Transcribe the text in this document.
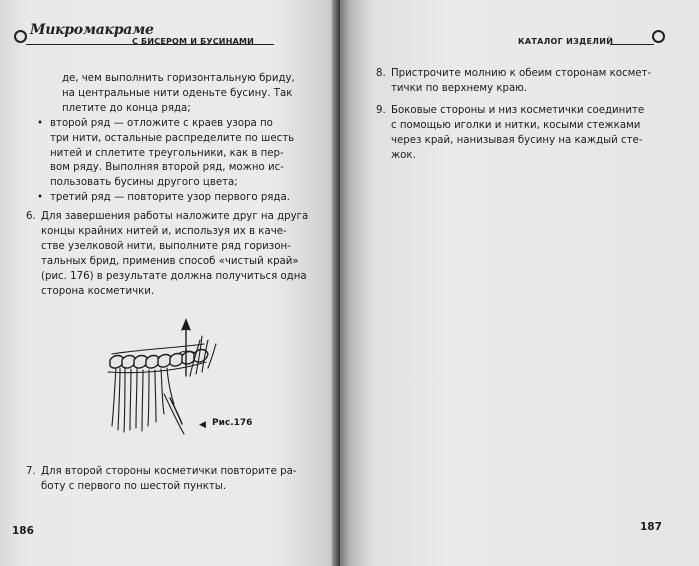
Микромакраме
С БИСЕРОМ И БУСИНАМИ

де, чем выполнить горизонтальную бриду,

на центральные нити оденьте бусину. Так

плетите до конца ряда;

• второй ряд — отложите с краев узора по

три нити, остальные распределите по шесть

нитей и сплетите треугольники, как в пер-

вом ряду. Выполняя второй ряд, можно ис-

пользовать бусины другого цвета;

• третий ряд — повторите узор первого ряда.

6. Для завершения работы наложите друг на друга

концы крайних нитей и, используя их в каче-

стве узелковой нити, выполните ряд горизон-

тальных брид, применив способ «чистый край»

(рис. 176) в результате должна получиться одна

сторона косметички.

◀ Рис.176
7. Для второй стороны косметички повторите ра-

боту с первого по шестой пункты.

186
КАТАЛОГ ИЗДЕЛИЙ
8. Пристрочите молнию к обеим сторонам космет-

тички по верхнему краю.

9. Боковые стороны и низ косметички соедините

с помощью иголки и нитки, косыми стежками

через край, нанизывая бусину на каждый сте-

жок.

187
